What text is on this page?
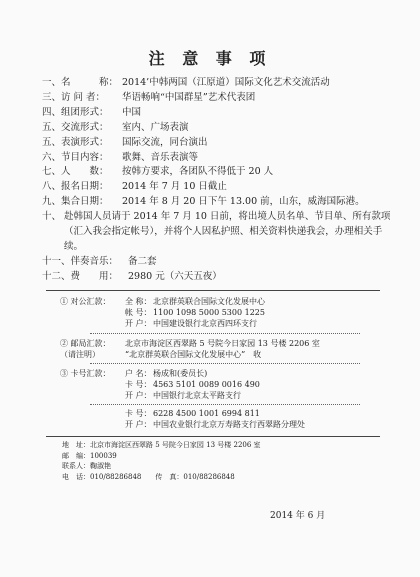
注 意 事 项
一、名　　　称： 2014’中韩两国（江原道）国际文化艺术交流活动
三、访 问 者：	华语畅响“中国群星”艺术代表团
四、组团形式：	中国
五、交流形式：	室内、广场表演
五、表演形式：	国际交流，同台演出
六、节目内容：	歌舞、音乐表演等
七、人　　数：	按韩方要求，各团队不得低于 20 人
八、报名日期：	2014 年 7 月 10 日截止
九、集合日期：	2014 年 8 月 20 日下午 13.00 前，山东，威海国际港。
十、 赴韩国人员请于 2014 年 7 月 10 日前，将出境人员名单、节目单、所有款项（汇入我会指定帐号），并将个人因私护照、相关资料快递我会，办理相关手续。
十一、伴奏音乐：	备二套
十二、费　　用：	2980 元（六天五夜）
① 对公汇款：	全 称： 北京群英联合国际文化发展中心
帐 号： 1100 1098 5000 5300 1225
开 户： 中国建设银行北京西四环支行
② 邮局汇款：	北京市海淀区西翠路 5 号院今日家园 13 号楼 2206 室
（请注明）	“北京群英联合国际文化发展中心”　收
③ 卡号汇款：	户 名： 杨成和(委员长)
卡 号： 4563 5101 0089 0016 490
开 户： 中国银行北京太平路支行
卡 号： 6228 4500 1001 6994 811
开 户： 中国农业银行北京万寿路支行西翠路分理处
地　址： 北京市海淀区西翠路 5 号院今日家园 13 号楼 2206 室
邮　编： 100039
联系人： 鞠淑艳
电　话： 010/88286848 传　真： 010/88286848
2014 年 6 月
